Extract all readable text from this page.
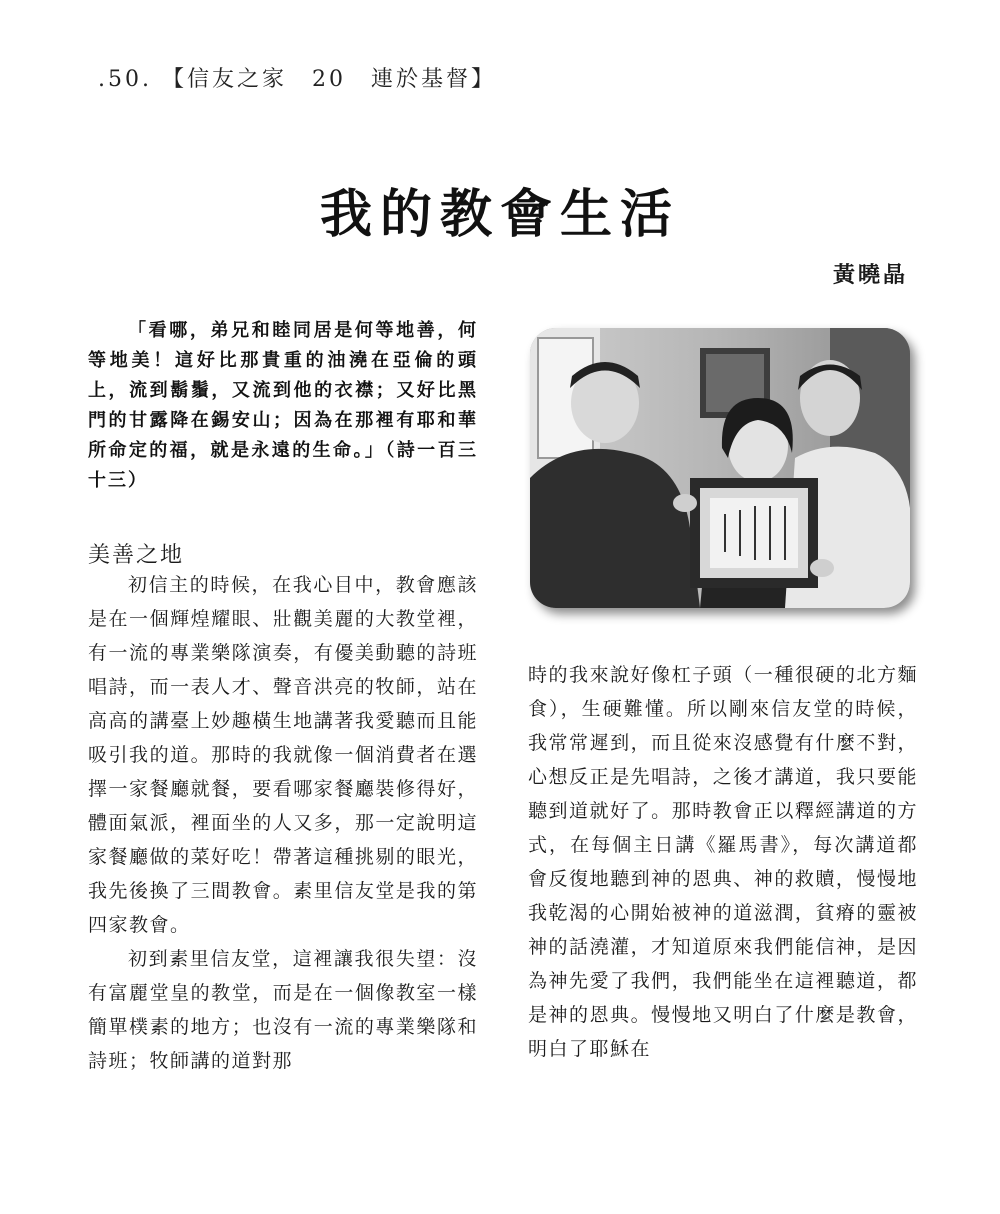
.50. 【信友之家　20　連於基督】
我的教會生活
黃曉晶
「看哪，弟兄和睦同居是何等地善，何等地美！這好比那貴重的油澆在亞倫的頭上，流到鬍鬚，又流到他的衣襟；又好比黑門的甘露降在錫安山；因為在那裡有耶和華所命定的福，就是永遠的生命。」（詩一百三十三）
美善之地

初信主的時候，在我心目中，教會應該是在一個輝煌耀眼、壯觀美麗的大教堂裡，有一流的專業樂隊演奏，有優美動聽的詩班唱詩，而一表人才、聲音洪亮的牧師，站在高高的講臺上妙趣橫生地講著我愛聽而且能吸引我的道。那時的我就像一個消費者在選擇一家餐廳就餐，要看哪家餐廳裝修得好，體面氣派，裡面坐的人又多，那一定說明這家餐廳做的菜好吃！帶著這種挑剔的眼光，我先後換了三間教會。素里信友堂是我的第四家教會。

初到素里信友堂，這裡讓我很失望：沒有富麗堂皇的教堂，而是在一個像教室一樣簡單樸素的地方；也沒有一流的專業樂隊和詩班；牧師講的道對那

時的我來說好像杠子頭（一種很硬的北方麵食），生硬難懂。所以剛來信友堂的時候，我常常遲到，而且從來沒感覺有什麼不對，心想反正是先唱詩，之後才講道，我只要能聽到道就好了。那時教會正以釋經講道的方式，在每個主日講《羅馬書》，每次講道都會反復地聽到神的恩典、神的救贖，慢慢地我乾渴的心開始被神的道滋潤，貧瘠的靈被神的話澆灌，才知道原來我們能信神，是因為神先愛了我們，我們能坐在這裡聽道，都是神的恩典。慢慢地又明白了什麼是教會，明白了耶穌在
